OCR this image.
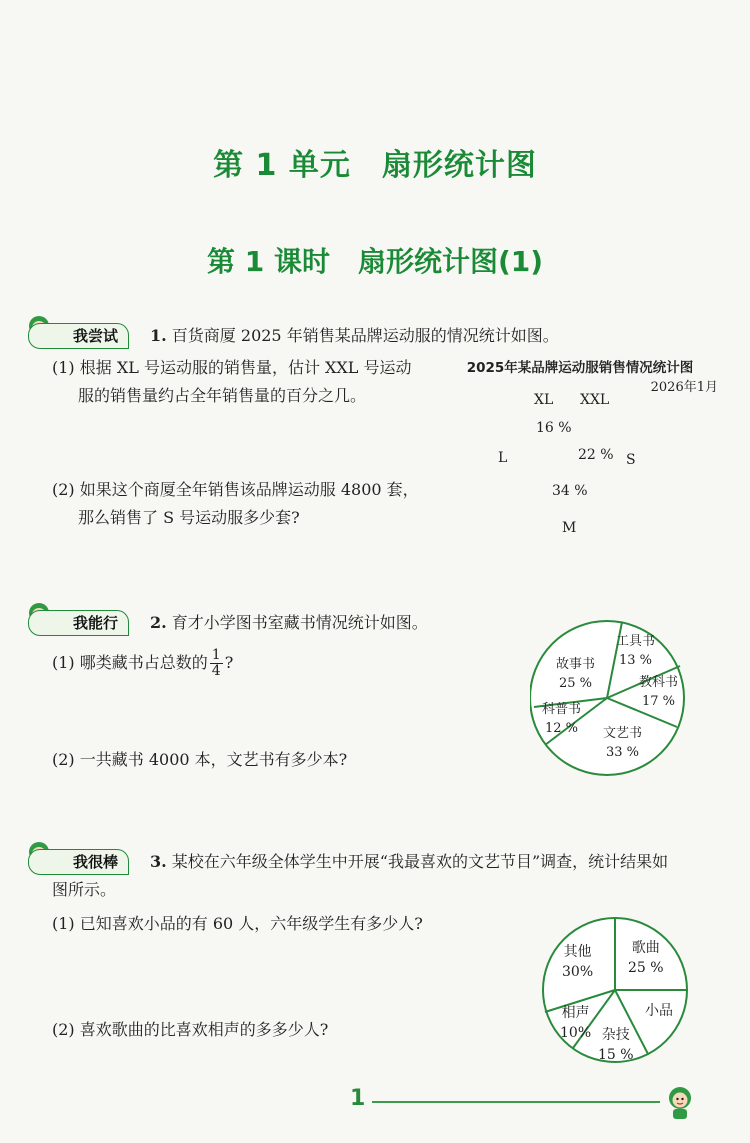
第 1 单元　扇形统计图
第 1 课时　扇形统计图(1)
我尝试	1. 百货商厦 2025 年销售某品牌运动服的情况统计如图。
(1) 根据 XL 号运动服的销售量，估计 XXL 号运动
服的销售量约占全年销售量的百分之几。
(2) 如果这个商厦全年销售该品牌运动服 4800 套，
那么销售了 S 号运动服多少套?
2025年某品牌运动服销售情况统计图
2026年1月
XL XXL
S
M
L
16 %
22 %
34 %
我能行	2. 育才小学图书室藏书情况统计如图。
(1) 哪类藏书占总数的 $\frac{1}{4}$ ?
(2) 一共藏书 4000 本，文艺书有多少本?
工具书
13 %
教科书
17 %
文艺书
33 %
科普书
12 %
故事书
25 %
我很棒	3. 某校在六年级全体学生中开展“我最喜欢的文艺节目”调查，统计结果如
图所示。
(1) 已知喜欢小品的有 60 人，六年级学生有多少人?
(2) 喜欢歌曲的比喜欢相声的多多少人?
歌曲
25 %
小品
杂技
15 %
相声
10%
其他
30%
1
